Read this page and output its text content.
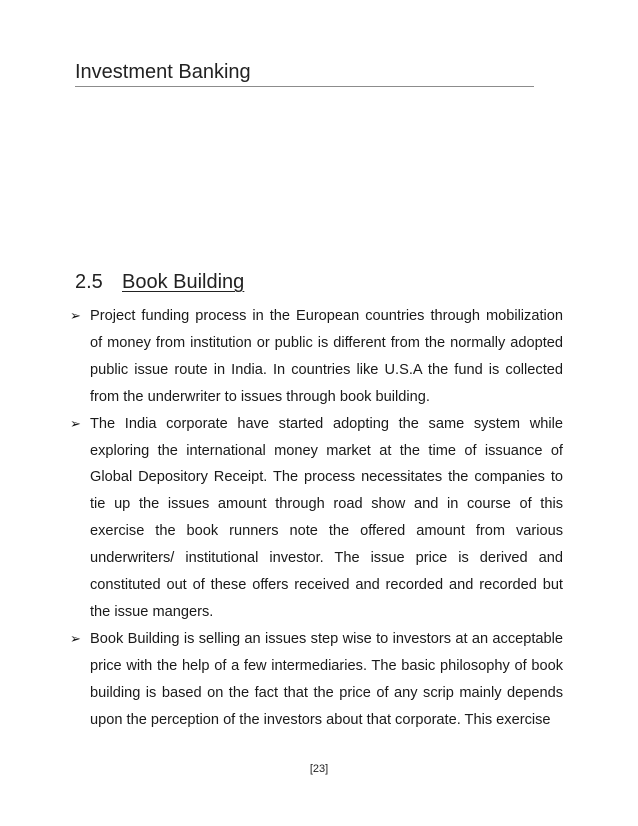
Investment Banking
2.5 Book Building
➢ Project funding process in the European countries through mobilization of money from institution or public is different from the normally adopted public issue route in India. In countries like U.S.A the fund is collected from the underwriter to issues through book building.
➢ The India corporate have started adopting the same system while exploring the international money market at the time of issuance of Global Depository Receipt. The process necessitates the companies to tie up the issues amount through road show and in course of this exercise the book runners note the offered amount from various underwriters/ institutional investor. The issue price is derived and constituted out of these offers received and recorded and recorded but the issue mangers.
➢ Book Building is selling an issues step wise to investors at an acceptable price with the help of a few intermediaries. The basic philosophy of book building is based on the fact that the price of any scrip mainly depends upon the perception of the investors about that corporate. This exercise
[23]
